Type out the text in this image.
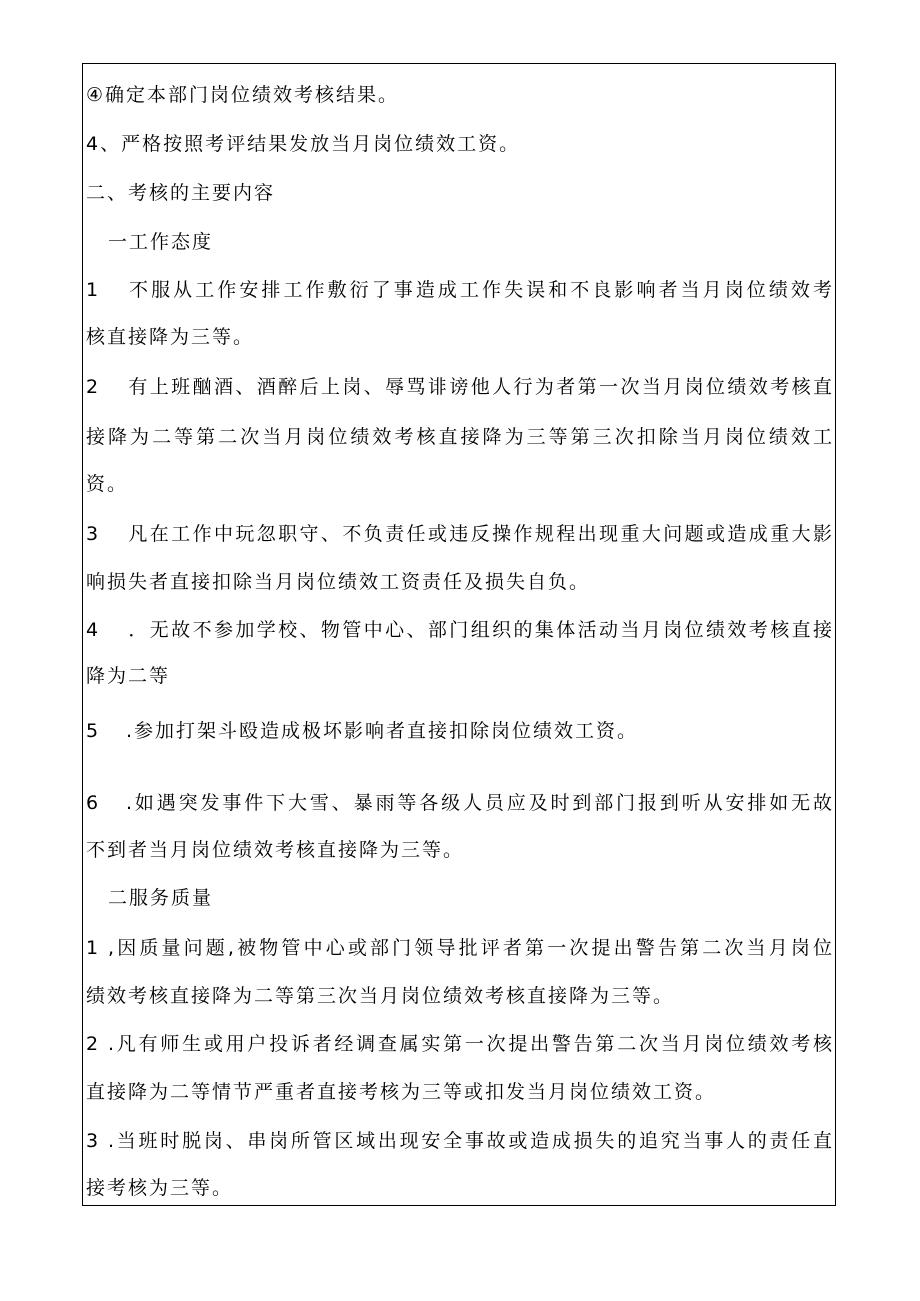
④确定本部门岗位绩效考核结果。
4、严格按照考评结果发放当月岗位绩效工资。
二、考核的主要内容
一工作态度
1 不服从工作安排工作敷衍了事造成工作失误和不良影响者当月岗位绩效考
核直接降为三等。
2 有上班酗酒、酒醉后上岗、辱骂诽谤他人行为者第一次当月岗位绩效考核直
接降为二等第二次当月岗位绩效考核直接降为三等第三次扣除当月岗位绩效工
资。
3 凡在工作中玩忽职守、不负责任或违反操作规程出现重大问题或造成重大影
响损失者直接扣除当月岗位绩效工资责任及损失自负。
4 ．无故不参加学校、物管中心、部门组织的集体活动当月岗位绩效考核直接
降为二等
5 .参加打架斗殴造成极坏影响者直接扣除岗位绩效工资。
6 .如遇突发事件下大雪、暴雨等各级人员应及时到部门报到听从安排如无故
不到者当月岗位绩效考核直接降为三等。
二服务质量
1 ,因质量问题,被物管中心或部门领导批评者第一次提出警告第二次当月岗位
绩效考核直接降为二等第三次当月岗位绩效考核直接降为三等。
2 .凡有师生或用户投诉者经调查属实第一次提出警告第二次当月岗位绩效考核
直接降为二等情节严重者直接考核为三等或扣发当月岗位绩效工资。
3 .当班时脱岗、串岗所管区域出现安全事故或造成损失的追究当事人的责任直
接考核为三等。
